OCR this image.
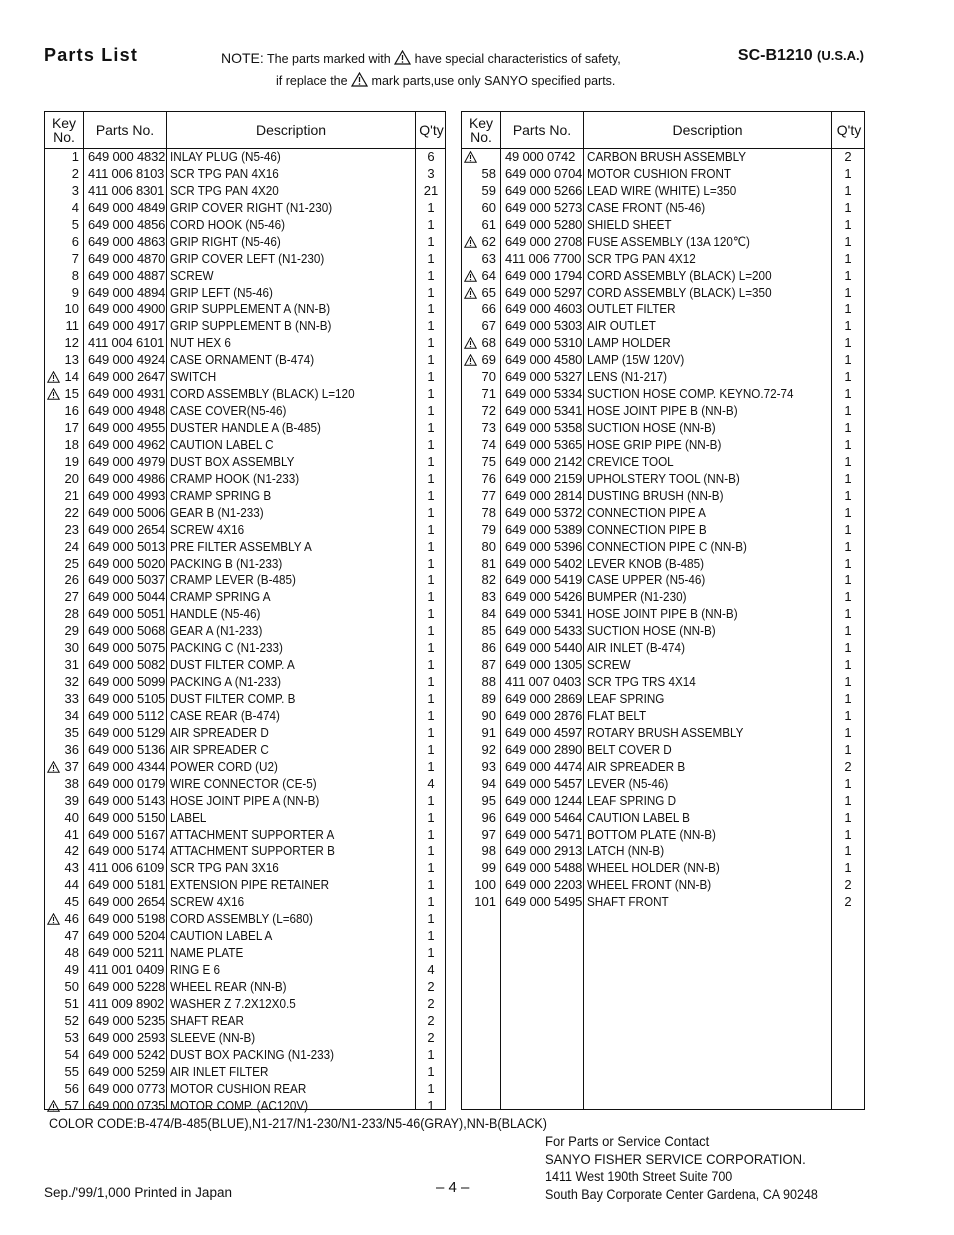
Parts List	NOTE: The parts marked with have special characteristics of safety,
if replace the mark parts,use only SANYO specified parts.
SC-B1210 (U.S.A.)
Key No.	Parts No.	Description	Q'ty
1 649 000 4832 INLAY PLUG (N5-46)	6
2 411 006 8103 SCR TPG PAN 4X16	3
3 411 006 8301 SCR TPG PAN 4X20	21
4 649 000 4849 GRIP COVER RIGHT (N1-230)	1
5 649 000 4856 CORD HOOK (N5-46)	1
6 649 000 4863 GRIP RIGHT (N5-46)	1
7 649 000 4870 GRIP COVER LEFT (N1-230)	1
8 649 000 4887 SCREW	1
9 649 000 4894 GRIP LEFT (N5-46)	1
10 649 000 4900 GRIP SUPPLEMENT A (NN-B)	1
11 649 000 4917 GRIP SUPPLEMENT B (NN-B)	1
12 411 004 6101 NUT HEX 6	1
13 649 000 4924 CASE ORNAMENT (B-474)	1
14 649 000 2647 SWITCH	1
15 649 000 4931 CORD ASSEMBLY (BLACK) L=120	1
16 649 000 4948 CASE COVER(N5-46)	1
17 649 000 4955 DUSTER HANDLE A (B-485)	1
18 649 000 4962 CAUTION LABEL C	1
19 649 000 4979 DUST BOX ASSEMBLY	1
20 649 000 4986 CRAMP HOOK (N1-233)	1
21 649 000 4993 CRAMP SPRING B	1
22 649 000 5006 GEAR B (N1-233)	1
23 649 000 2654 SCREW 4X16	1
24 649 000 5013 PRE FILTER ASSEMBLY A	1
25 649 000 5020 PACKING B (N1-233)	1
26 649 000 5037 CRAMP LEVER (B-485)	1
27 649 000 5044 CRAMP SPRING A	1
28 649 000 5051 HANDLE (N5-46)	1
29 649 000 5068 GEAR A (N1-233)	1
30 649 000 5075 PACKING C (N1-233)	1
31 649 000 5082 DUST FILTER COMP. A	1
32 649 000 5099 PACKING A (N1-233)	1
33 649 000 5105 DUST FILTER COMP. B	1
34 649 000 5112 CASE REAR (B-474)	1
35 649 000 5129 AIR SPREADER D	1
36 649 000 5136 AIR SPREADER C	1
37 649 000 4344 POWER CORD (U2)	1
38 649 000 0179 WIRE CONNECTOR (CE-5)	4
39 649 000 5143 HOSE JOINT PIPE A (NN-B)	1
40 649 000 5150 LABEL	1
41 649 000 5167 ATTACHMENT SUPPORTER A	1
42 649 000 5174 ATTACHMENT SUPPORTER B	1
43 411 006 6109 SCR TPG PAN 3X16	1
44 649 000 5181 EXTENSION PIPE RETAINER	1
45 649 000 2654 SCREW 4X16	1
46 649 000 5198 CORD ASSEMBLY (L=680)	1
47 649 000 5204 CAUTION LABEL A	1
48 649 000 5211 NAME PLATE	1
49 411 001 0409 RING E 6	4
50 649 000 5228 WHEEL REAR (NN-B)	2
51 411 009 8902 WASHER Z 7.2X12X0.5	2
52 649 000 5235 SHAFT REAR	2
53 649 000 2593 SLEEVE (NN-B)	2
54 649 000 5242 DUST BOX PACKING (N1-233)	1
55 649 000 5259 AIR INLET FILTER	1
56 649 000 0773 MOTOR CUSHION REAR	1
57 649 000 0735 MOTOR COMP. (AC120V)	1
Key No.	Parts No.	Description	Q'ty
49 000 0742 CARBON BRUSH ASSEMBLY	2
58 649 000 0704 MOTOR CUSHION FRONT	1
59 649 000 5266 LEAD WIRE (WHITE) L=350	1
60 649 000 5273 CASE FRONT (N5-46)	1
61 649 000 5280 SHIELD SHEET	1
62 649 000 2708 FUSE ASSEMBLY (13A 120℃)	1
63 411 006 7700 SCR TPG PAN 4X12	1
64 649 000 1794 CORD ASSEMBLY (BLACK) L=200	1
65 649 000 5297 CORD ASSEMBLY (BLACK) L=350	1
66 649 000 4603 OUTLET FILTER	1
67 649 000 5303 AIR OUTLET	1
68 649 000 5310 LAMP HOLDER	1
69 649 000 4580 LAMP (15W 120V)	1
70 649 000 5327 LENS (N1-217)	1
71 649 000 5334 SUCTION HOSE COMP. KEYNO.72-74	1
72 649 000 5341 HOSE JOINT PIPE B (NN-B)	1
73 649 000 5358 SUCTION HOSE (NN-B)	1
74 649 000 5365 HOSE GRIP PIPE (NN-B)	1
75 649 000 2142 CREVICE TOOL	1
76 649 000 2159 UPHOLSTERY TOOL (NN-B)	1
77 649 000 2814 DUSTING BRUSH (NN-B)	1
78 649 000 5372 CONNECTION PIPE A	1
79 649 000 5389 CONNECTION PIPE B	1
80 649 000 5396 CONNECTION PIPE C (NN-B)	1
81 649 000 5402 LEVER KNOB (B-485)	1
82 649 000 5419 CASE UPPER (N5-46)	1
83 649 000 5426 BUMPER (N1-230)	1
84 649 000 5341 HOSE JOINT PIPE B (NN-B)	1
85 649 000 5433 SUCTION HOSE (NN-B)	1
86 649 000 5440 AIR INLET (B-474)	1
87 649 000 1305 SCREW	1
88 411 007 0403 SCR TPG TRS 4X14	1
89 649 000 2869 LEAF SPRING	1
90 649 000 2876 FLAT BELT	1
91 649 000 4597 ROTARY BRUSH ASSEMBLY	1
92 649 000 2890 BELT COVER D	1
93 649 000 4474 AIR SPREADER B	2
94 649 000 5457 LEVER (N5-46)	1
95 649 000 1244 LEAF SPRING D	1
96 649 000 5464 CAUTION LABEL B	1
97 649 000 5471 BOTTOM PLATE (NN-B)	1
98 649 000 2913 LATCH (NN-B)	1
99 649 000 5488 WHEEL HOLDER (NN-B)	1
100 649 000 2203 WHEEL FRONT (NN-B)	2
101 649 000 5495 SHAFT FRONT	2
COLOR CODE:B-474/B-485(BLUE),N1-217/N1-230/N1-233/N5-46(GRAY),NN-B(BLACK)
For Parts or Service Contact
SANYO FISHER SERVICE CORPORATION.
1411 West 190th Street Suite 700
South Bay Corporate Center Gardena, CA 90248
Sep./'99/1,000 Printed in Japan	– 4 –
